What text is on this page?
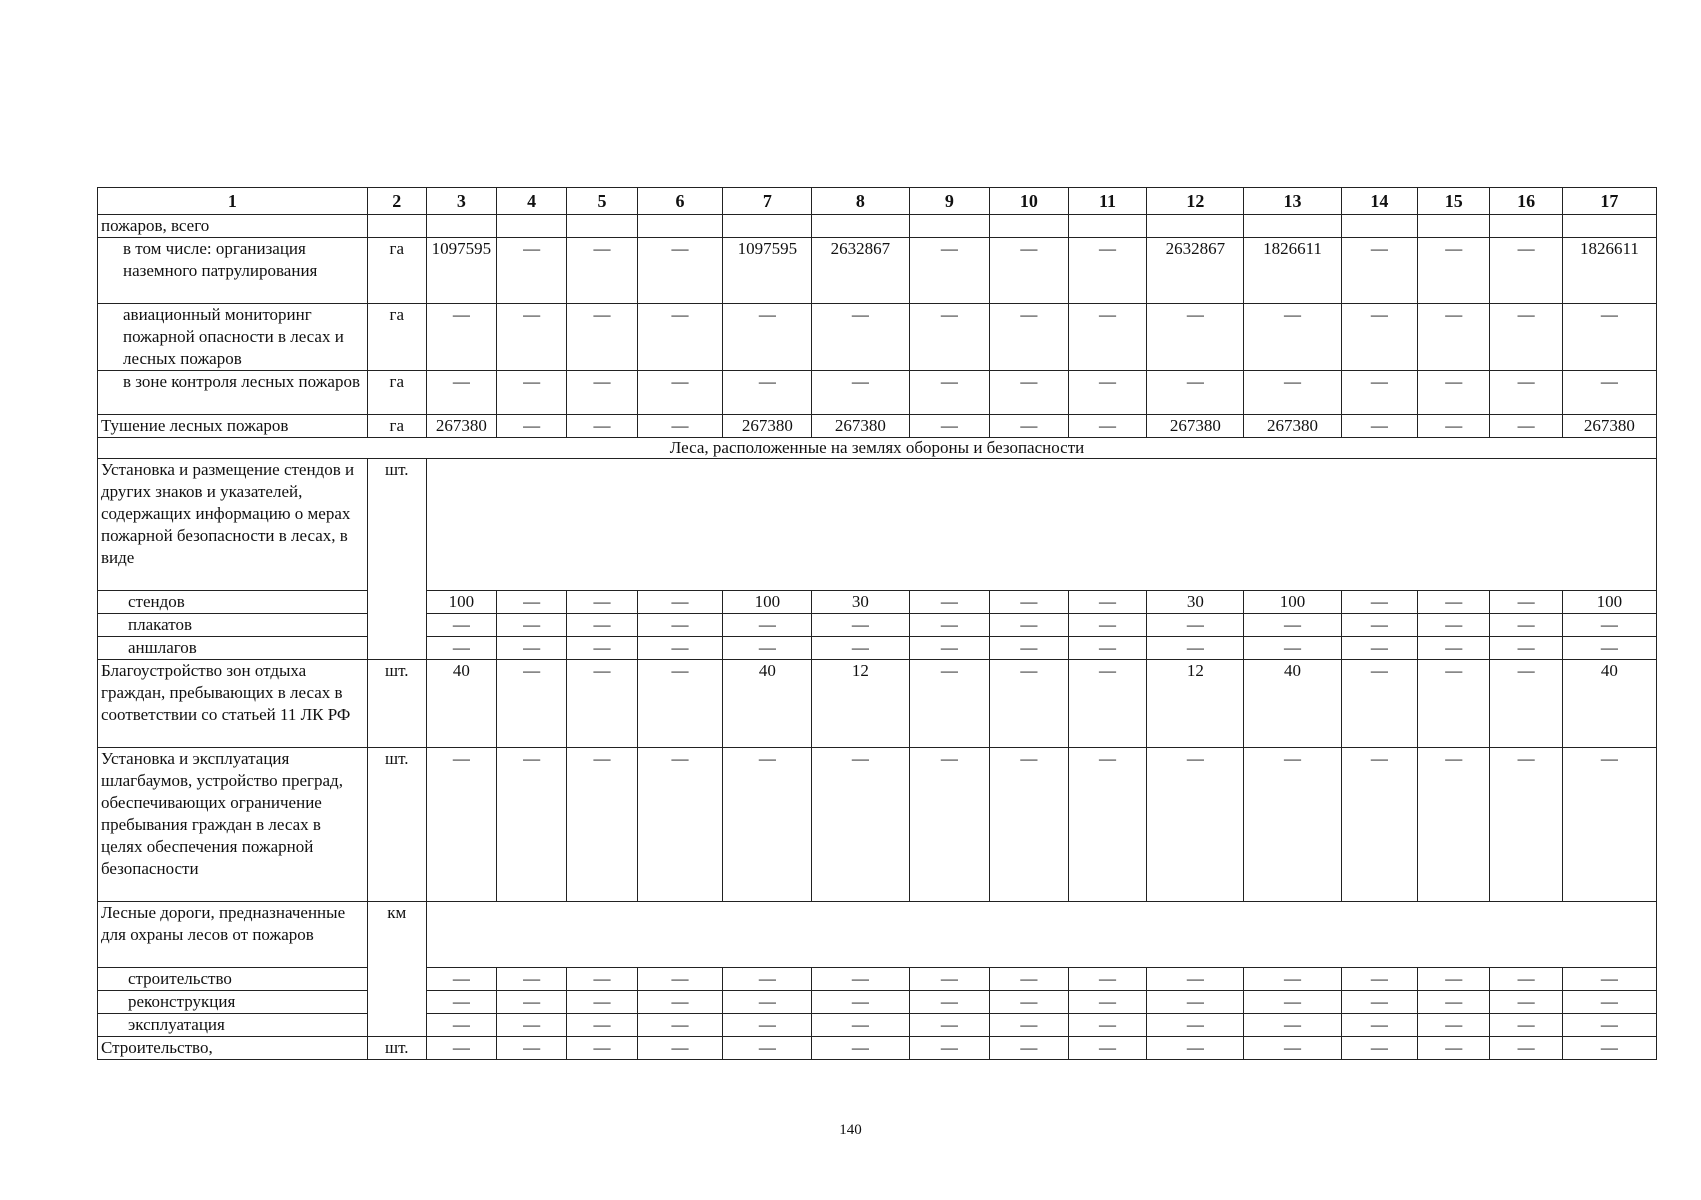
1	2	3	4	5	6	7	8	9	10	11	12	13	14	15	16	17
пожаров, всего																
в том числе: организация наземного патрулирования	га	1097595	—	—	—	1097595	2632867	—	—	—	2632867	1826611	—	—	—	1826611
авиационный мониторинг пожарной опасности в лесах и лесных пожаров	га	—	—	—	—	—	—	—	—	—	—	—	—	—	—	—
в зоне контроля лесных пожаров	га	—	—	—	—	—	—	—	—	—	—	—	—	—	—	—
Тушение лесных пожаров	га	267380	—	—	—	267380	267380	—	—	—	267380	267380	—	—	—	267380
Леса, расположенные на землях обороны и безопасности																
Установка и размещение стендов и других знаков и указателей, содержащих информацию о мерах пожарной безопасности в лесах, в виде	шт.															
стендов		100	—	—	—	100	30	—	—	—	30	100	—	—	—	100
плакатов		—	—	—	—	—	—	—	—	—	—	—	—	—	—	—
аншлагов		—	—	—	—	—	—	—	—	—	—	—	—	—	—	—
Благоустройство зон отдыха граждан, пребывающих в лесах в соответствии со статьей 11 ЛК РФ	шт.	40	—	—	—	40	12	—	—	—	12	40	—	—	—	40
Установка и эксплуатация шлагбаумов, устройство преград, обеспечивающих ограничение пребывания граждан в лесах в целях обеспечения пожарной безопасности	шт.	—	—	—	—	—	—	—	—	—	—	—	—	—	—	—
Лесные дороги, предназначенные для охраны лесов от пожаров	км															
строительство		—	—	—	—	—	—	—	—	—	—	—	—	—	—	—
реконструкция		—	—	—	—	—	—	—	—	—	—	—	—	—	—	—
эксплуатация		—	—	—	—	—	—	—	—	—	—	—	—	—	—	—
Строительство,	шт.	—	—	—	—	—	—	—	—	—	—	—	—	—	—	—
140
